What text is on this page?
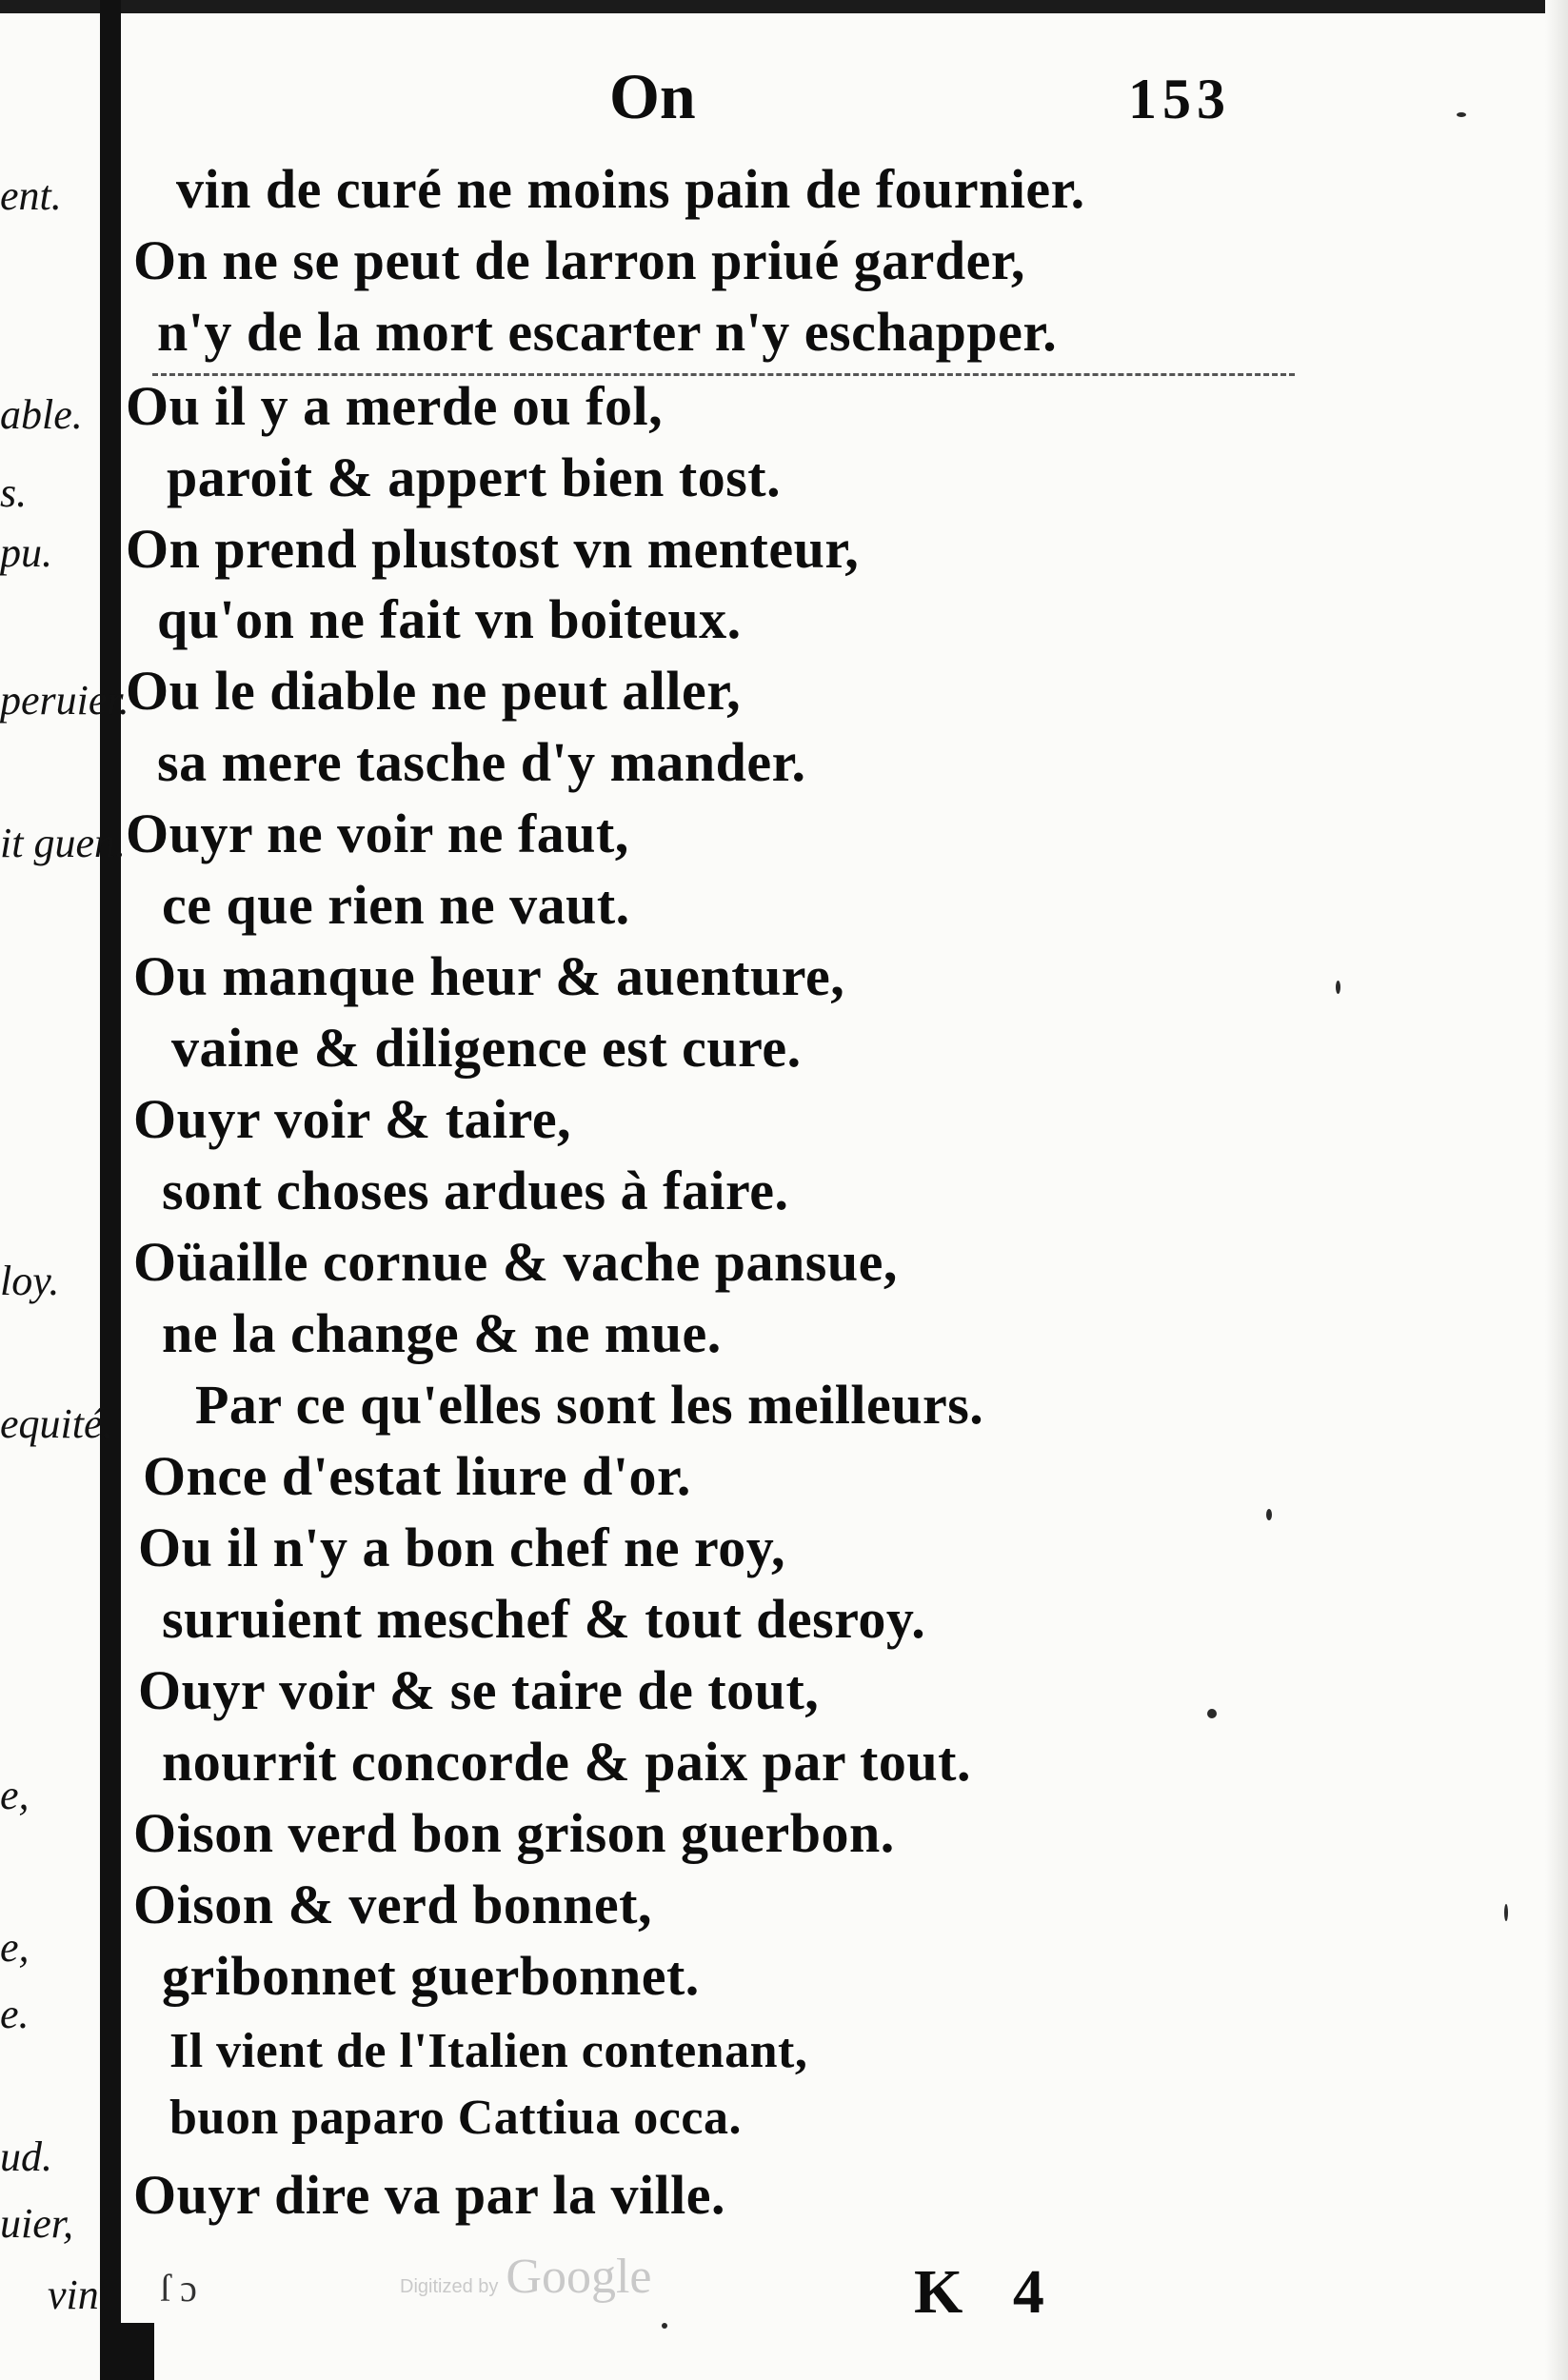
ent.
able.
s.
pu.
peruier.
it guen.
loy.
equité.
e,
e,
e.
ud.
uier,
vin
On	153
vin de curé ne moins pain de fournier.
On ne se peut de larron priué garder,
n'y de la mort escarter n'y eschapper.
Ou il y a merde ou fol,
paroit & appert bien tost.
On prend plustost vn menteur,
qu'on ne fait vn boiteux.
Ou le diable ne peut aller,
sa mere tasche d'y mander.
Ouyr ne voir ne faut,
ce que rien ne vaut.
Ou manque heur & auenture,
vaine & diligence est cure.
Ouyr voir & taire,
sont choses ardues à faire.
Oüaille cornue & vache pansue,
ne la change & ne mue.
Par ce qu'elles sont les meilleurs.
Once d'estat liure d'or.
Ou il n'y a bon chef ne roy,
suruient meschef & tout desroy.
Ouyr voir & se taire de tout,
nourrit concorde & paix par tout.
Oison verd bon grison guerbon.
Oison & verd bonnet,
gribonnet guerbonnet.
Il vient de l'Italien contenant,
buon paparo Cattiua occa.
Ouyr dire va par la ville.
ſ ɔ	Digitized by Google	K 4
